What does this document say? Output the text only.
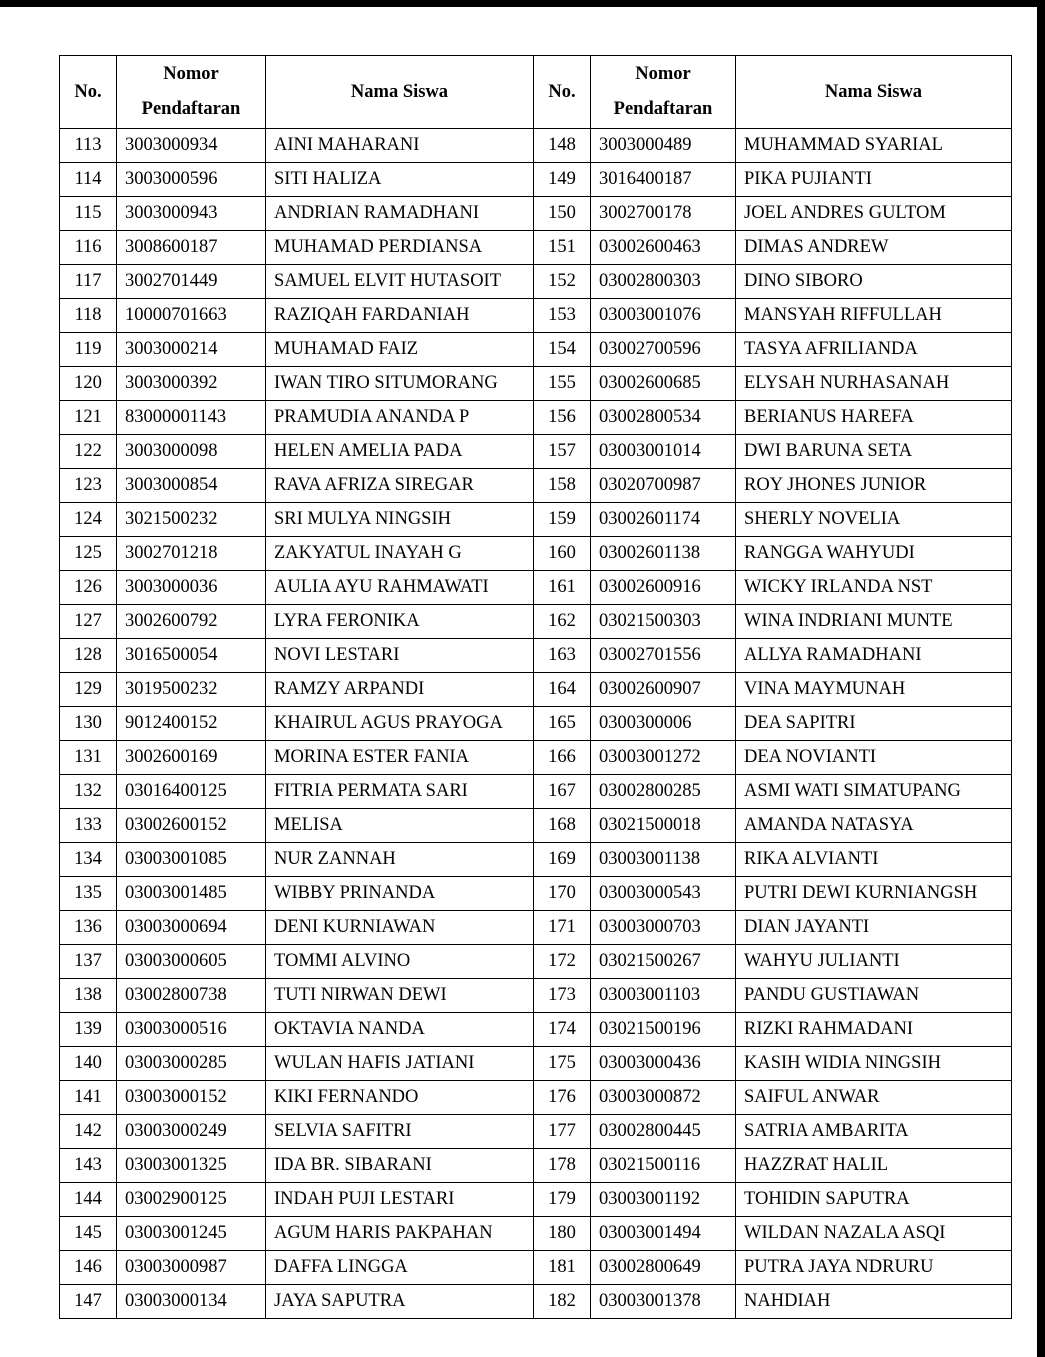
No.	Nomor Pendaftaran	Nama Siswa	No.	Nomor Pendaftaran	Nama Siswa
113	3003000934	AINI MAHARANI	148	3003000489	MUHAMMAD SYARIAL
114	3003000596	SITI HALIZA	149	3016400187	PIKA PUJIANTI
115	3003000943	ANDRIAN RAMADHANI	150	3002700178	JOEL ANDRES GULTOM
116	3008600187	MUHAMAD PERDIANSA	151	03002600463	DIMAS ANDREW
117	3002701449	SAMUEL ELVIT HUTASOIT	152	03002800303	DINO SIBORO
118	10000701663	RAZIQAH FARDANIAH	153	03003001076	MANSYAH RIFFULLAH
119	3003000214	MUHAMAD FAIZ	154	03002700596	TASYA AFRILIANDA
120	3003000392	IWAN TIRO SITUMORANG	155	03002600685	ELYSAH NURHASANAH
121	83000001143	PRAMUDIA ANANDA P	156	03002800534	BERIANUS HAREFA
122	3003000098	HELEN AMELIA PADA	157	03003001014	DWI BARUNA SETA
123	3003000854	RAVA AFRIZA SIREGAR	158	03020700987	ROY JHONES JUNIOR
124	3021500232	SRI MULYA NINGSIH	159	03002601174	SHERLY NOVELIA
125	3002701218	ZAKYATUL INAYAH G	160	03002601138	RANGGA WAHYUDI
126	3003000036	AULIA AYU RAHMAWATI	161	03002600916	WICKY IRLANDA NST
127	3002600792	LYRA FERONIKA	162	03021500303	WINA INDRIANI MUNTE
128	3016500054	NOVI LESTARI	163	03002701556	ALLYA RAMADHANI
129	3019500232	RAMZY ARPANDI	164	03002600907	VINA MAYMUNAH
130	9012400152	KHAIRUL AGUS PRAYOGA	165	0300300006	DEA SAPITRI
131	3002600169	MORINA ESTER FANIA	166	03003001272	DEA NOVIANTI
132	03016400125	FITRIA PERMATA SARI	167	03002800285	ASMI WATI SIMATUPANG
133	03002600152	MELISA	168	03021500018	AMANDA NATASYA
134	03003001085	NUR ZANNAH	169	03003001138	RIKA ALVIANTI
135	03003001485	WIBBY PRINANDA	170	03003000543	PUTRI DEWI KURNIANGSH
136	03003000694	DENI KURNIAWAN	171	03003000703	DIAN JAYANTI
137	03003000605	TOMMI ALVINO	172	03021500267	WAHYU JULIANTI
138	03002800738	TUTI NIRWAN DEWI	173	03003001103	PANDU GUSTIAWAN
139	03003000516	OKTAVIA NANDA	174	03021500196	RIZKI RAHMADANI
140	03003000285	WULAN HAFIS JATIANI	175	03003000436	KASIH WIDIA NINGSIH
141	03003000152	KIKI FERNANDO	176	03003000872	SAIFUL ANWAR
142	03003000249	SELVIA SAFITRI	177	03002800445	SATRIA AMBARITA
143	03003001325	IDA BR. SIBARANI	178	03021500116	HAZZRAT HALIL
144	03002900125	INDAH PUJI LESTARI	179	03003001192	TOHIDIN SAPUTRA
145	03003001245	AGUM HARIS PAKPAHAN	180	03003001494	WILDAN NAZALA ASQI
146	03003000987	DAFFA LINGGA	181	03002800649	PUTRA JAYA NDRURU
147	03003000134	JAYA SAPUTRA	182	03003001378	NAHDIAH
